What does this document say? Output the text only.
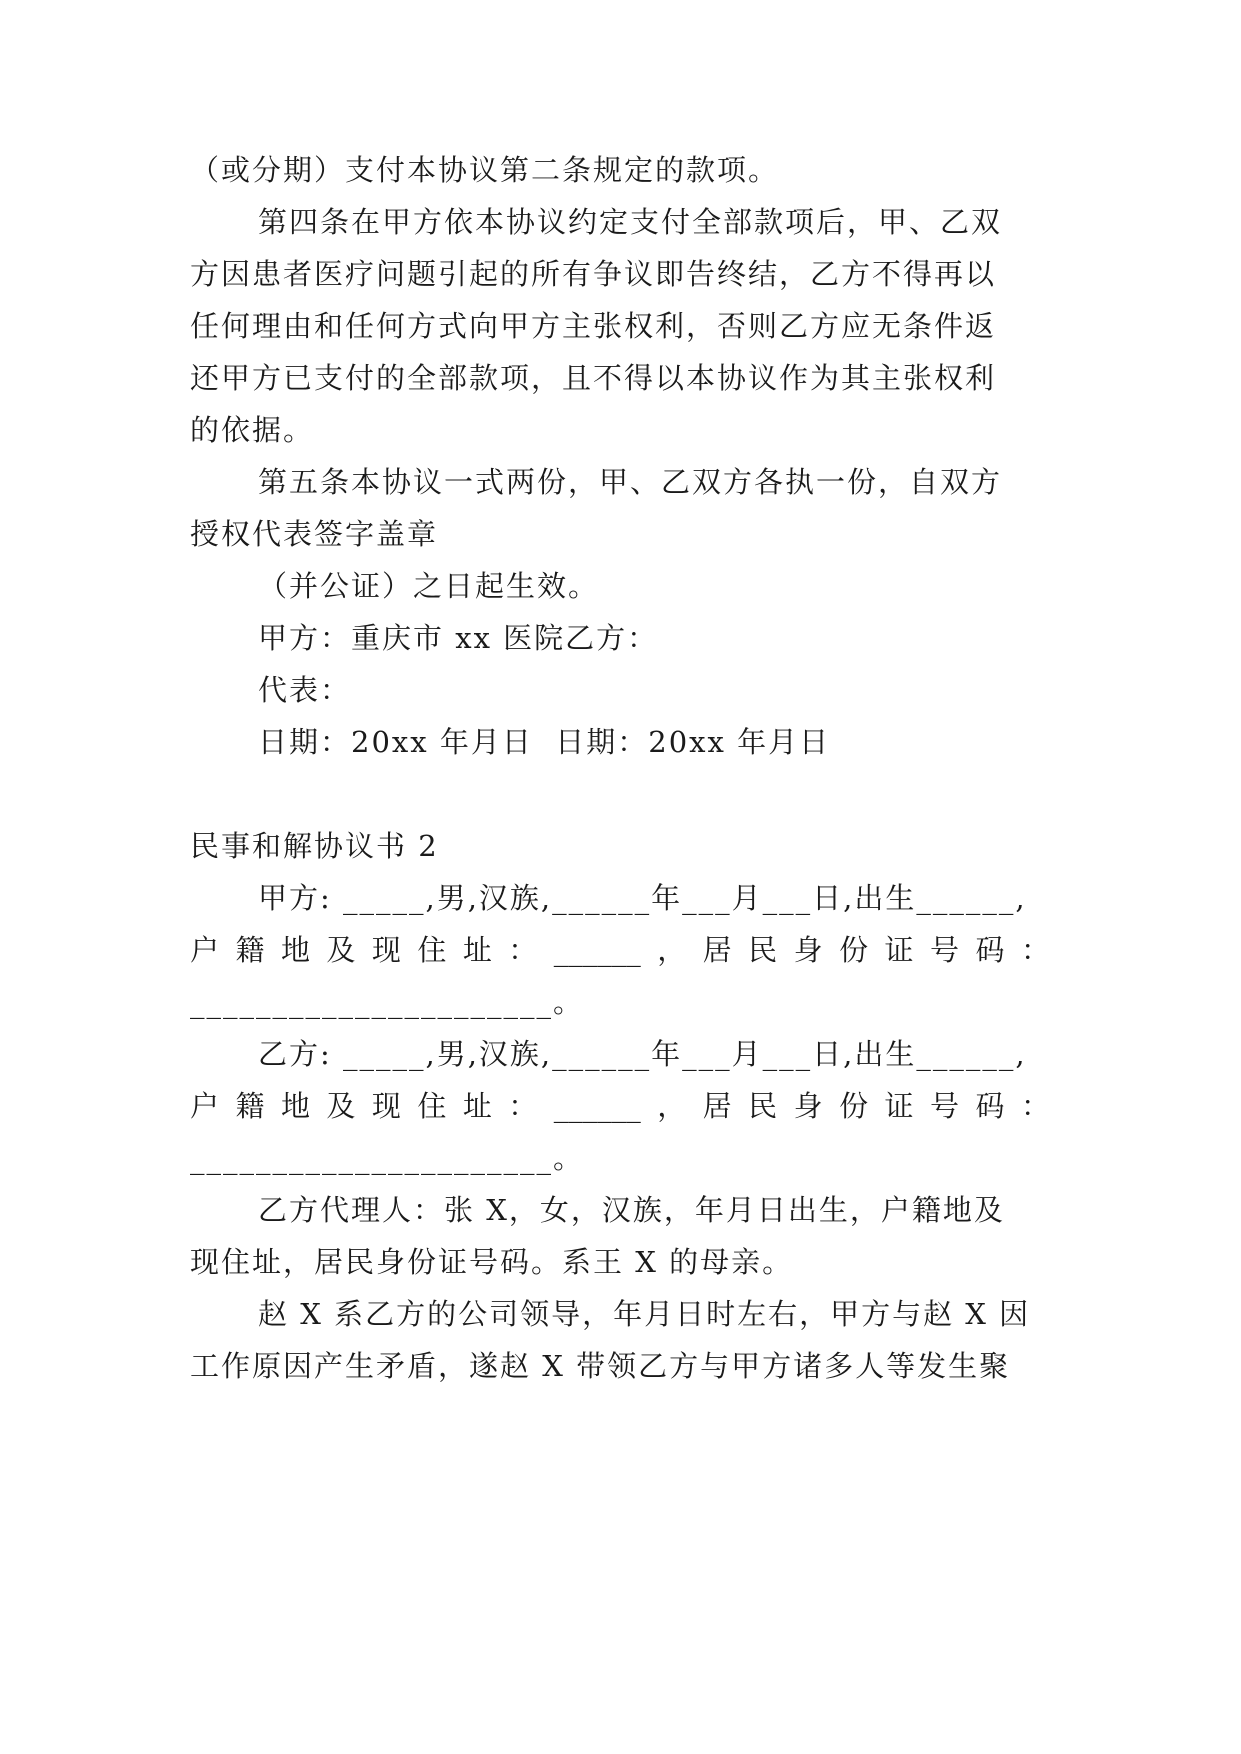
（或分期）支付本协议第二条规定的款项。
第四条在甲方依本协议约定支付全部款项后，甲、乙双
方因患者医疗问题引起的所有争议即告终结，乙方不得再以
任何理由和任何方式向甲方主张权利，否则乙方应无条件返
还甲方已支付的全部款项，且不得以本协议作为其主张权利
的依据。
第五条本协议一式两份，甲、乙双方各执一份，自双方
授权代表签字盖章
（并公证）之日起生效。
甲方：重庆市 xx 医院乙方：
代表：
日期：20xx 年月日  日期：20xx 年月日
民事和解协议书 2
甲方: _____,男,汉族,______年___月___日,出生______,
户 籍 地 及 现 住 址 ： ______ ， 居 民 身 份 证 号 码 ：
______________________。
乙方: _____,男,汉族,______年___月___日,出生______,
户 籍 地 及 现 住 址 ： ______ ， 居 民 身 份 证 号 码 ：
______________________。
乙方代理人：张 X，女，汉族，年月日出生，户籍地及
现住址，居民身份证号码。系王 X 的母亲。
赵 X 系乙方的公司领导，年月日时左右，甲方与赵 X 因
工作原因产生矛盾，遂赵 X 带领乙方与甲方诸多人等发生聚
